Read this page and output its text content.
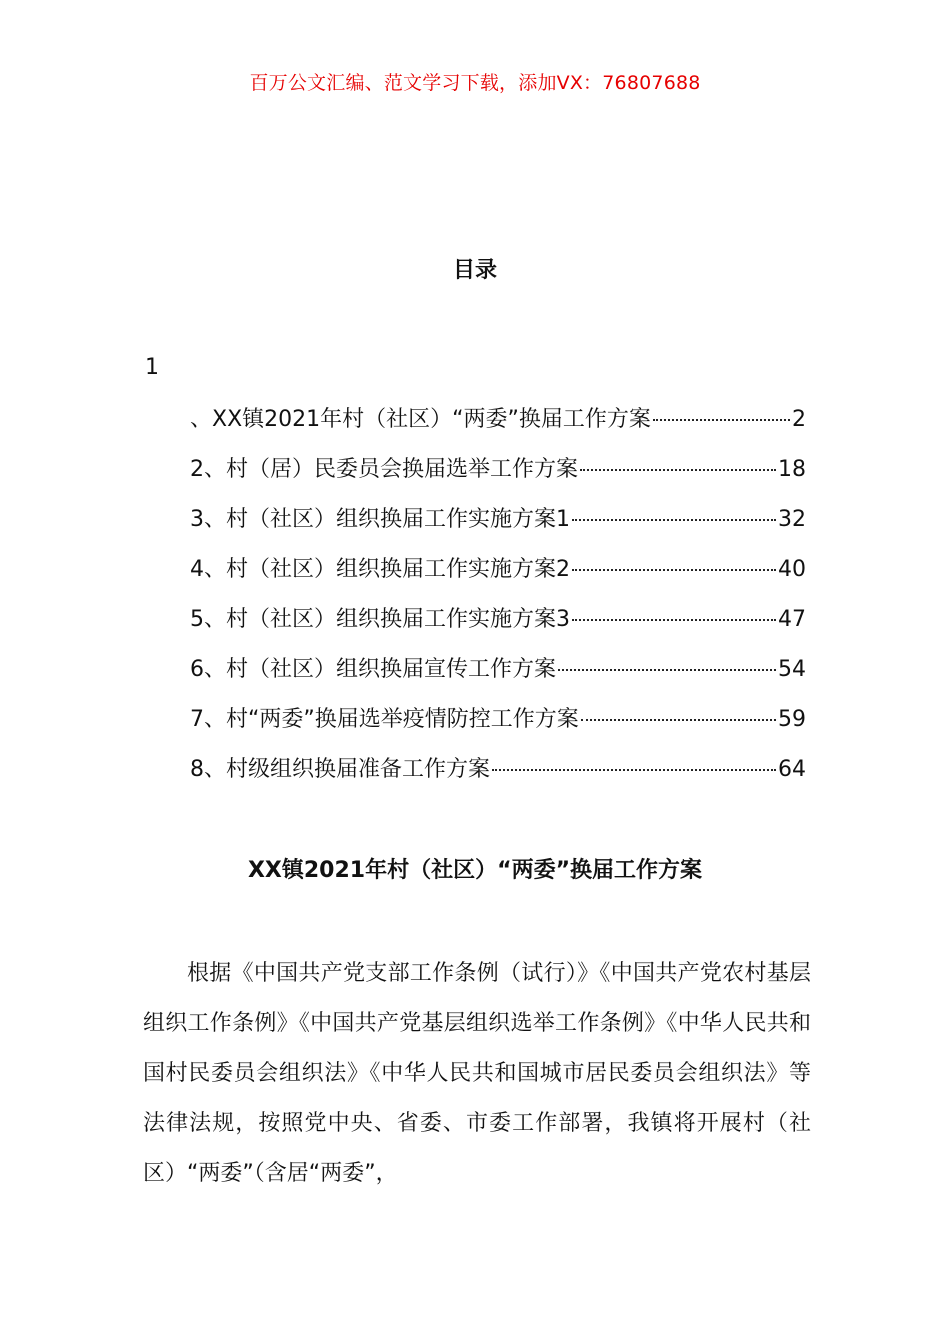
百万公文汇编、范文学习下载，添加VX：76807688
目录
1
、XX镇2021年村（社区）“两委”换届工作方案	2
2、村（居）民委员会换届选举工作方案	18
3、村（社区）组织换届工作实施方案1	32
4、村（社区）组织换届工作实施方案2	40
5、村（社区）组织换届工作实施方案3	47
6、村（社区）组织换届宣传工作方案	54
7、村“两委”换届选举疫情防控工作方案	59
8、村级组织换届准备工作方案	64
XX镇2021年村（社区）“两委”换届工作方案

根据《中国共产党支部工作条例（试行）》《中国共产党农村基层组织工作条例》《中国共产党基层组织选举工作条例》《中华人民共和国村民委员会组织法》《中华人民共和国城市居民委员会组织法》等法律法规，按照党中央、省委、市委工作部署，我镇将开展村（社区）“两委”（含居“两委”，
